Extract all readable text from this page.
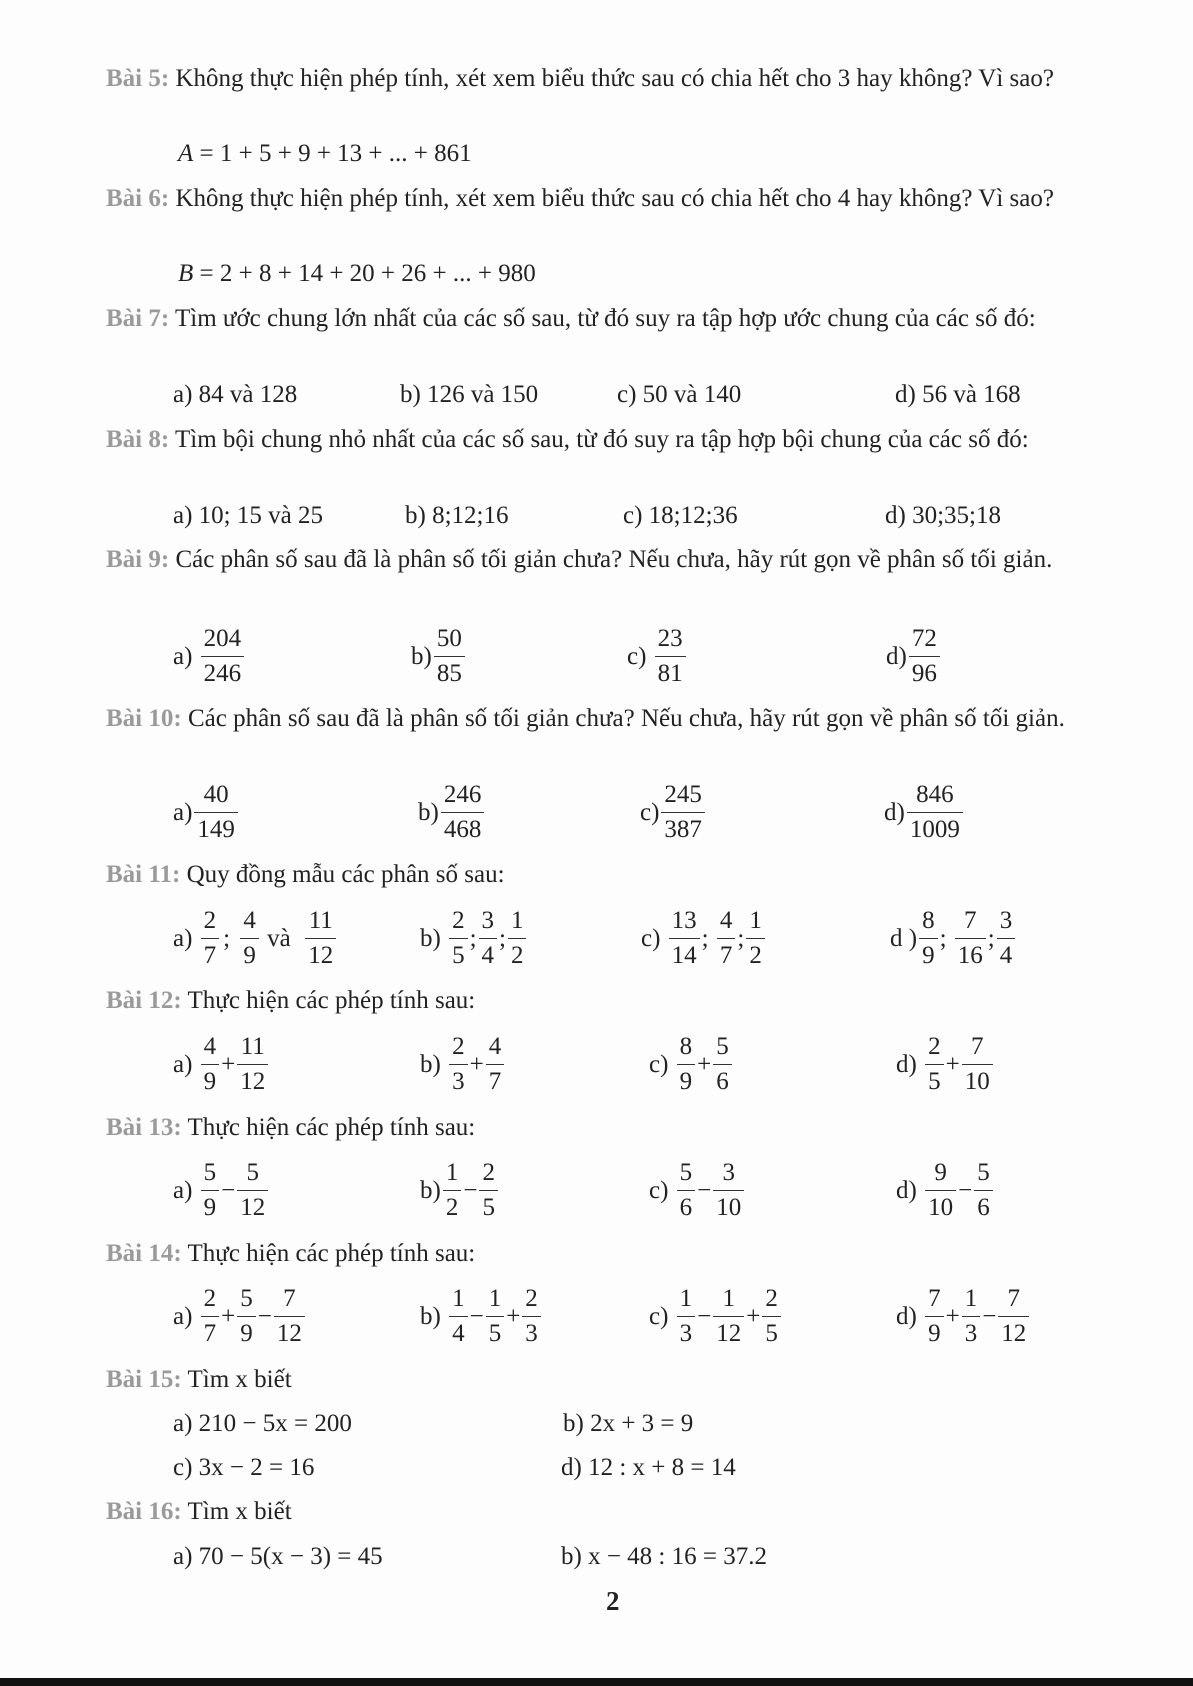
Bài 5: Không thực hiện phép tính, xét xem biểu thức sau có chia hết cho 3 hay không? Vì sao?
A = 1 + 5 + 9 + 13 + ... + 861
Bài 6: Không thực hiện phép tính, xét xem biểu thức sau có chia hết cho 4 hay không? Vì sao?
B = 2 + 8 + 14 + 20 + 26 + ... + 980
Bài 7: Tìm ước chung lớn nhất của các số sau, từ đó suy ra tập hợp ước chung của các số đó:
a) 84 và 128	b) 126 và 150	c) 50 và 140	d) 56 và 168
Bài 8: Tìm bội chung nhỏ nhất của các số sau, từ đó suy ra tập hợp bội chung của các số đó:
a) 10; 15 và 25	b) 8;12;16	c) 18;12;36	d) 30;35;18
Bài 9: Các phân số sau đã là phân số tối giản chưa? Nếu chưa, hãy rút gọn về phân số tối giản.
a)
$\frac{204}{246}$	$b) \frac{50}{85}$	c)
$\frac{23}{81}$	$d) \frac{72}{96}$
Bài 10: Các phân số sau đã là phân số tối giản chưa? Nếu chưa, hãy rút gọn về phân số tối giản.
$a) \frac{40}{149}$	$b) \frac{246}{468}$	$c) \frac{245}{387}$	$d) \frac{846}{1009}$
Bài 11: Quy đồng mẫu các phân số sau:
a)
$\frac{2}{7}$ ;
$\frac{4}{9}$
và
$\frac{11}{12}$	b)
$\frac{2}{5}$ ; $\frac{3}{4}$ ; $\frac{1}{2}$	c)
$\frac{13}{14}$ ;
$\frac{4}{7}$ ; $\frac{1}{2}$	d ) $\frac{8}{9}$ ;
$\frac{7}{16}$ ; $\frac{3}{4}$
Bài 12: Thực hiện các phép tính sau:
a)
$\frac{4}{9} + \frac{11}{12}$	b)
$\frac{2}{3} + \frac{4}{7}$	c)
$\frac{8}{9} + \frac{5}{6}$	d)
$\frac{2}{5} + \frac{7}{10}$
Bài 13: Thực hiện các phép tính sau:
a)
$\frac{5}{9} - \frac{5}{12}$	$b) \frac{1}{2} - \frac{2}{5}$	c)
$\frac{5}{6} - \frac{3}{10}$	d)
$\frac{9}{10} - \frac{5}{6}$
Bài 14: Thực hiện các phép tính sau:
a)
$\frac{2}{7} + \frac{5}{9} - \frac{7}{12}$	b)
$\frac{1}{4} - \frac{1}{5} + \frac{2}{3}$	c)
$\frac{1}{3} - \frac{1}{12} + \frac{2}{5}$	d)
$\frac{7}{9} + \frac{1}{3} - \frac{7}{12}$
Bài 15: Tìm x biết
a) 210 − 5x = 200	b) 2x + 3 = 9
c) 3x − 2 = 16	d) 12 : x + 8 = 14
Bài 16: Tìm x biết
a) 70 − 5(x − 3) = 45	b) x − 48 : 16 = 37.2
2
